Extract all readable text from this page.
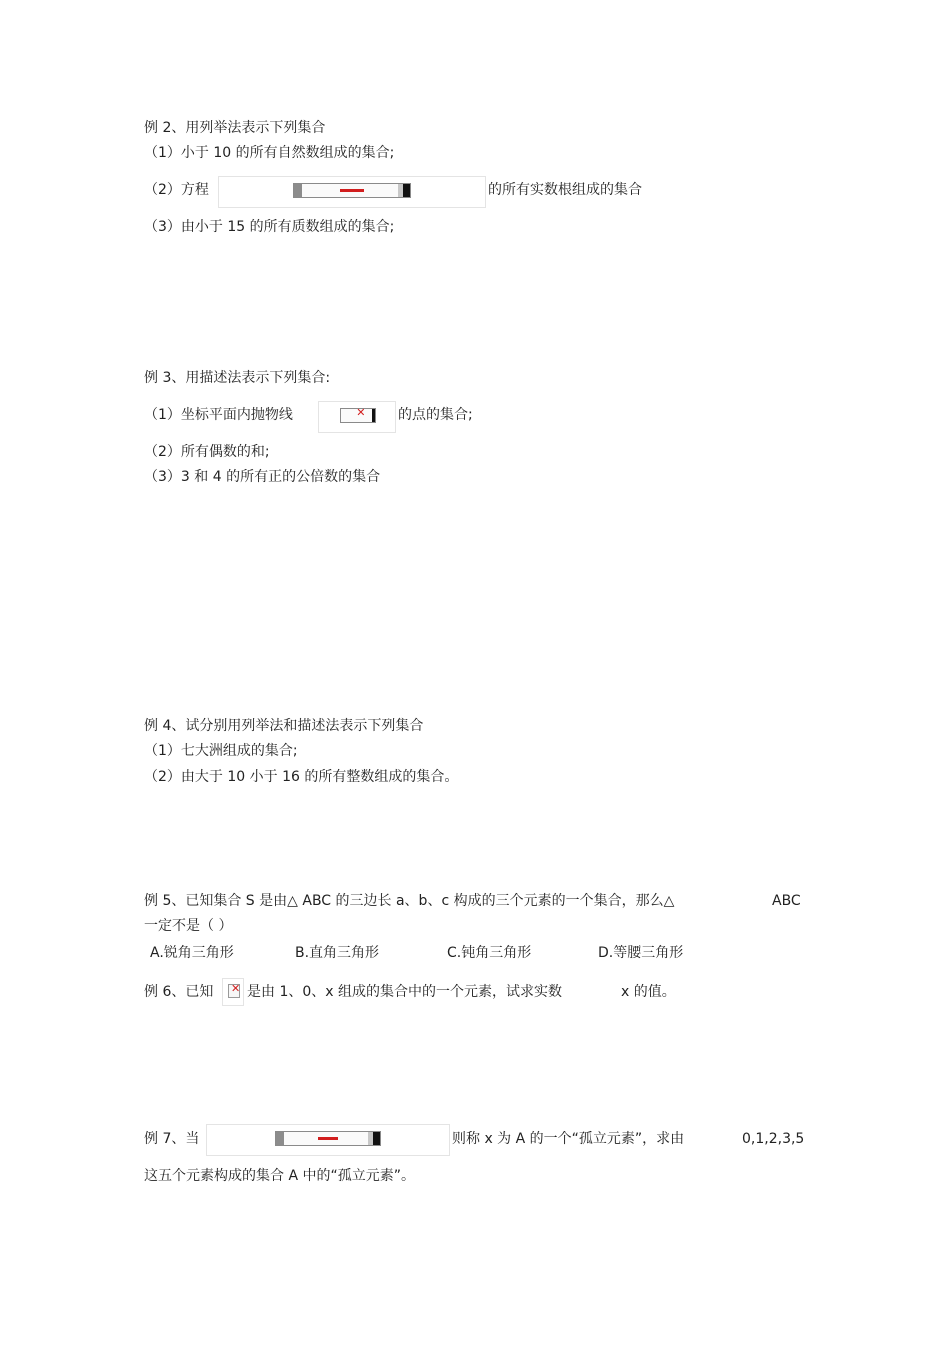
例 2、用列举法表示下列集合
（1）小于 10 的所有自然数组成的集合;
（2）方程	的所有实数根组成的集合
（3）由小于 15 的所有质数组成的集合;
例 3、用描述法表示下列集合:
（1）坐标平面内抛物线	✕ 的点的集合;
（2）所有偶数的和;
（3）3 和 4 的所有正的公倍数的集合
例 4、试分别用列举法和描述法表示下列集合
（1）七大洲组成的集合;
（2）由大于 10 小于 16 的所有整数组成的集合。
例 5、已知集合 S 是由△ ABC 的三边长 a、b、c 构成的三个元素的一个集合，那么△	ABC
一定不是（ ）
A.锐角三角形	B.直角三角形	C.钝角三角形	D.等腰三角形
例 6、已知 ✕ 是由 1、0、x 组成的集合中的一个元素，试求实数	x 的值。
例 7、当	则称 x 为 A 的一个“孤立元素”，求由	0,1,2,3,5
这五个元素构成的集合 A 中的“孤立元素”。
